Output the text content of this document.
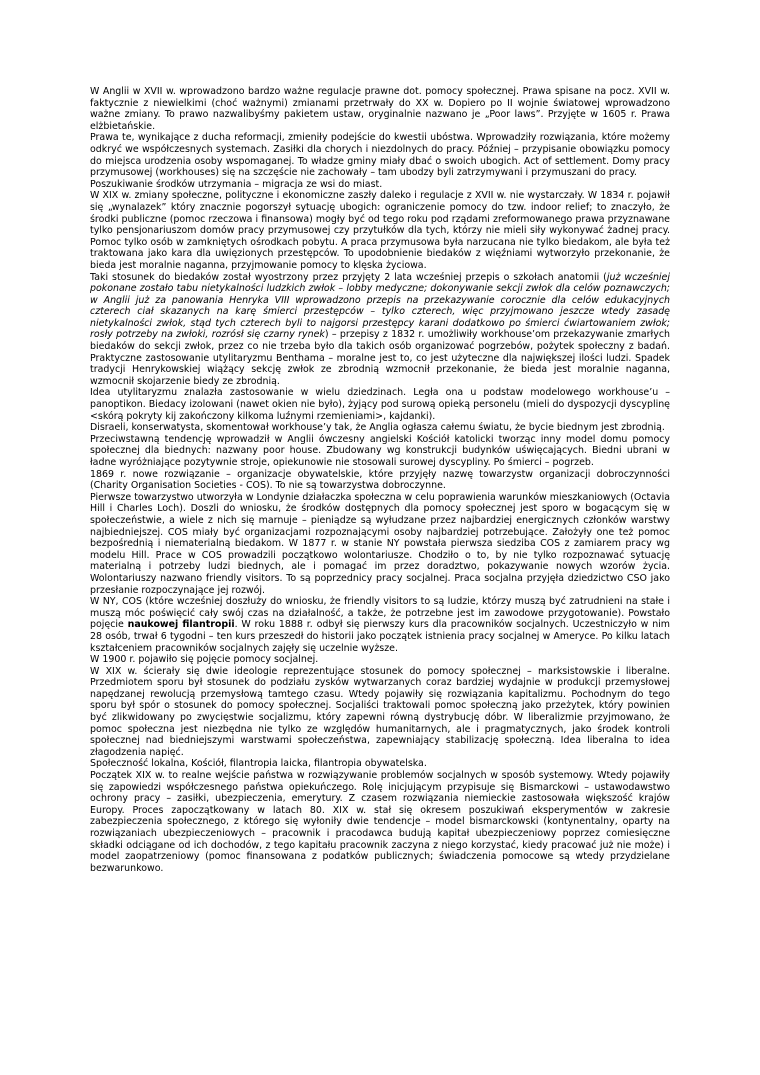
W Anglii w XVII w. wprowadzono bardzo ważne regulacje prawne dot. pomocy społecznej. Prawa spisane na pocz. XVII w. faktycznie z niewielkimi (choć ważnymi) zmianami przetrwały do XX w. Dopiero po II wojnie światowej wprowadzono ważne zmiany. To prawo nazwalibyśmy pakietem ustaw, oryginalnie nazwano je „Poor laws”. Przyjęte w 1605 r. Prawa elżbietańskie.

Prawa te, wynikające z ducha reformacji, zmieniły podejście do kwestii ubóstwa. Wprowadziły rozwiązania, które możemy odkryć we współczesnych systemach. Zasiłki dla chorych i niezdolnych do pracy. Później – przypisanie obowiązku pomocy do miejsca urodzenia osoby wspomaganej. To władze gminy miały dbać o swoich ubogich. Act of settlement. Domy pracy przymusowej (workhouses) się na szczęście nie zachowały – tam ubodzy byli zatrzymywani i przymuszani do pracy.

Poszukiwanie środków utrzymania – migracja ze wsi do miast.

W XIX w. zmiany społeczne, polityczne i ekonomiczne zaszły daleko i regulacje z XVII w. nie wystarczały. W 1834 r. pojawił się „wynalazek” który znacznie pogorszył sytuację ubogich: ograniczenie pomocy do tzw. indoor relief; to znaczyło, że środki publiczne (pomoc rzeczowa i finansowa) mogły być od tego roku pod rządami zreformowanego prawa przyznawane tylko pensjonariuszom domów pracy przymusowej czy przytułków dla tych, którzy nie mieli siły wykonywać żadnej pracy. Pomoc tylko osób w zamkniętych ośrodkach pobytu. A praca przymusowa była narzucana nie tylko biedakom, ale była też traktowana jako kara dla uwięzionych przestępców. To upodobnienie biedaków z więźniami wytworzyło przekonanie, że bieda jest moralnie naganna, przyjmowanie pomocy to klęska życiowa.

Taki stosunek do biedaków został wyostrzony przez przyjęty 2 lata wcześniej przepis o szkołach anatomii (już wcześniej pokonane zostało tabu nietykalności ludzkich zwłok – lobby medyczne; dokonywanie sekcji zwłok dla celów poznawczych; w Anglii już za panowania Henryka VIII wprowadzono przepis na przekazywanie corocznie dla celów edukacyjnych czterech ciał skazanych na karę śmierci przestępców – tylko czterech, więc przyjmowano jeszcze wtedy zasadę nietykalności zwłok, stąd tych czterech byli to najgorsi przestępcy karani dodatkowo po śmierci ćwiartowaniem zwłok; rosły potrzeby na zwłoki, rozrósł się czarny rynek) – przepisy z 1832 r. umożliwiły workhouse’om przekazywanie zmarłych biedaków do sekcji zwłok, przez co nie trzeba było dla takich osób organizować pogrzebów, pożytek społeczny z badań. Praktyczne zastosowanie utylitaryzmu Benthama – moralne jest to, co jest użyteczne dla największej ilości ludzi. Spadek tradycji Henrykowskiej wiążący sekcję zwłok ze zbrodnią wzmocnił przekonanie, że bieda jest moralnie naganna, wzmocnił skojarzenie biedy ze zbrodnią.

Idea utylitaryzmu znalazła zastosowanie w wielu dziedzinach. Legła ona u podstaw modelowego workhouse’u – panoptikon. Biedacy izolowani (nawet okien nie było), żyjący pod surową opieką personelu (mieli do dyspozycji dyscyplinę <skórą pokryty kij zakończony kilkoma luźnymi rzemieniami>, kajdanki).

Disraeli, konserwatysta, skomentował workhouse’y tak, że Anglia ogłasza całemu światu, że bycie biednym jest zbrodnią.

Przeciwstawną tendencję wprowadził w Anglii ówczesny angielski Kościół katolicki tworząc inny model domu pomocy społecznej dla biednych: nazwany poor house. Zbudowany wg konstrukcji budynków uświęcających. Biedni ubrani w ładne wyróżniające pozytywnie stroje, opiekunowie nie stosowali surowej dyscypliny. Po śmierci – pogrzeb.

1869 r. nowe rozwiązanie – organizacje obywatelskie, które przyjęły nazwę towarzystw organizacji dobroczynności (Charity Organisation Societies - COS). To nie są towarzystwa dobroczynne.

Pierwsze towarzystwo utworzyła w Londynie działaczka społeczna w celu poprawienia warunków mieszkaniowych (Octavia Hill i Charles Loch). Doszli do wniosku, że środków dostępnych dla pomocy społecznej jest sporo w bogacącym się w społeczeństwie, a wiele z nich się marnuje – pieniądze są wyłudzane przez najbardziej energicznych członków warstwy najbiedniejszej. COS miały być organizacjami rozpoznającymi osoby najbardziej potrzebujące. Założyły one też pomoc bezpośrednią i niematerialną biedakom. W 1877 r. w stanie NY powstała pierwsza siedziba COS z zamiarem pracy wg modelu Hill. Prace w COS prowadzili początkowo wolontariusze. Chodziło o to, by nie tylko rozpoznawać sytuację materialną i potrzeby ludzi biednych, ale i pomagać im przez doradztwo, pokazywanie nowych wzorów życia. Wolontariuszy nazwano friendly visitors. To są poprzednicy pracy socjalnej. Praca socjalna przyjęła dziedzictwo CSO jako przesłanie rozpoczynające jej rozwój.

W NY, COS (które wcześniej doszłuży do wniosku, że friendly visitors to są ludzie, którzy muszą być zatrudnieni na stałe i muszą móc poświęcić cały swój czas na działalność, a także, że potrzebne jest im zawodowe przygotowanie). Powstało pojęcie naukowej filantropii. W roku 1888 r. odbył się pierwszy kurs dla pracowników socjalnych. Uczestniczyło w nim 28 osób, trwał 6 tygodni – ten kurs przeszedł do historii jako początek istnienia pracy socjalnej w Ameryce. Po kilku latach kształceniem pracowników socjalnych zajęły się uczelnie wyższe.

W 1900 r. pojawiło się pojęcie pomocy socjalnej.

W XIX w. ścierały się dwie ideologie reprezentujące stosunek do pomocy społecznej – marksistowskie i liberalne. Przedmiotem sporu był stosunek do podziału zysków wytwarzanych coraz bardziej wydajnie w produkcji przemysłowej napędzanej rewolucją przemysłową tamtego czasu. Wtedy pojawiły się rozwiązania kapitalizmu. Pochodnym do tego sporu był spór o stosunek do pomocy społecznej. Socjaliści traktowali pomoc społeczną jako przeżytek, który powinien być zlikwidowany po zwycięstwie socjalizmu, który zapewni równą dystrybucję dóbr. W liberalizmie przyjmowano, że pomoc społeczna jest niezbędna nie tylko ze względów humanitarnych, ale i pragmatycznych, jako środek kontroli społecznej nad biedniejszymi warstwami społeczeństwa, zapewniający stabilizację społeczną. Idea liberalna to idea złagodzenia napięć.

Społeczność lokalna, Kościół, filantropia laicka, filantropia obywatelska.

Początek XIX w. to realne wejście państwa w rozwiązywanie problemów socjalnych w sposób systemowy. Wtedy pojawiły się zapowiedzi współczesnego państwa opiekuńczego. Rolę inicjującym przypisuje się Bismarckowi – ustawodawstwo ochrony pracy – zasiłki, ubezpieczenia, emerytury. Z czasem rozwiązania niemieckie zastosowała większość krajów Europy. Proces zapoczątkowany w latach 80. XIX w. stał się okresem poszukiwań eksperymentów w zakresie zabezpieczenia społecznego, z którego się wyłoniły dwie tendencje – model bismarckowski (kontynentalny, oparty na rozwiązaniach ubezpieczeniowych – pracownik i pracodawca budują kapitał ubezpieczeniowy poprzez comiesięczne składki odciągane od ich dochodów, z tego kapitału pracownik zaczyna z niego korzystać, kiedy pracować już nie może) i model zaopatrzeniowy (pomoc finansowana z podatków publicznych; świadczenia pomocowe są wtedy przydzielane bezwarunkowo.
